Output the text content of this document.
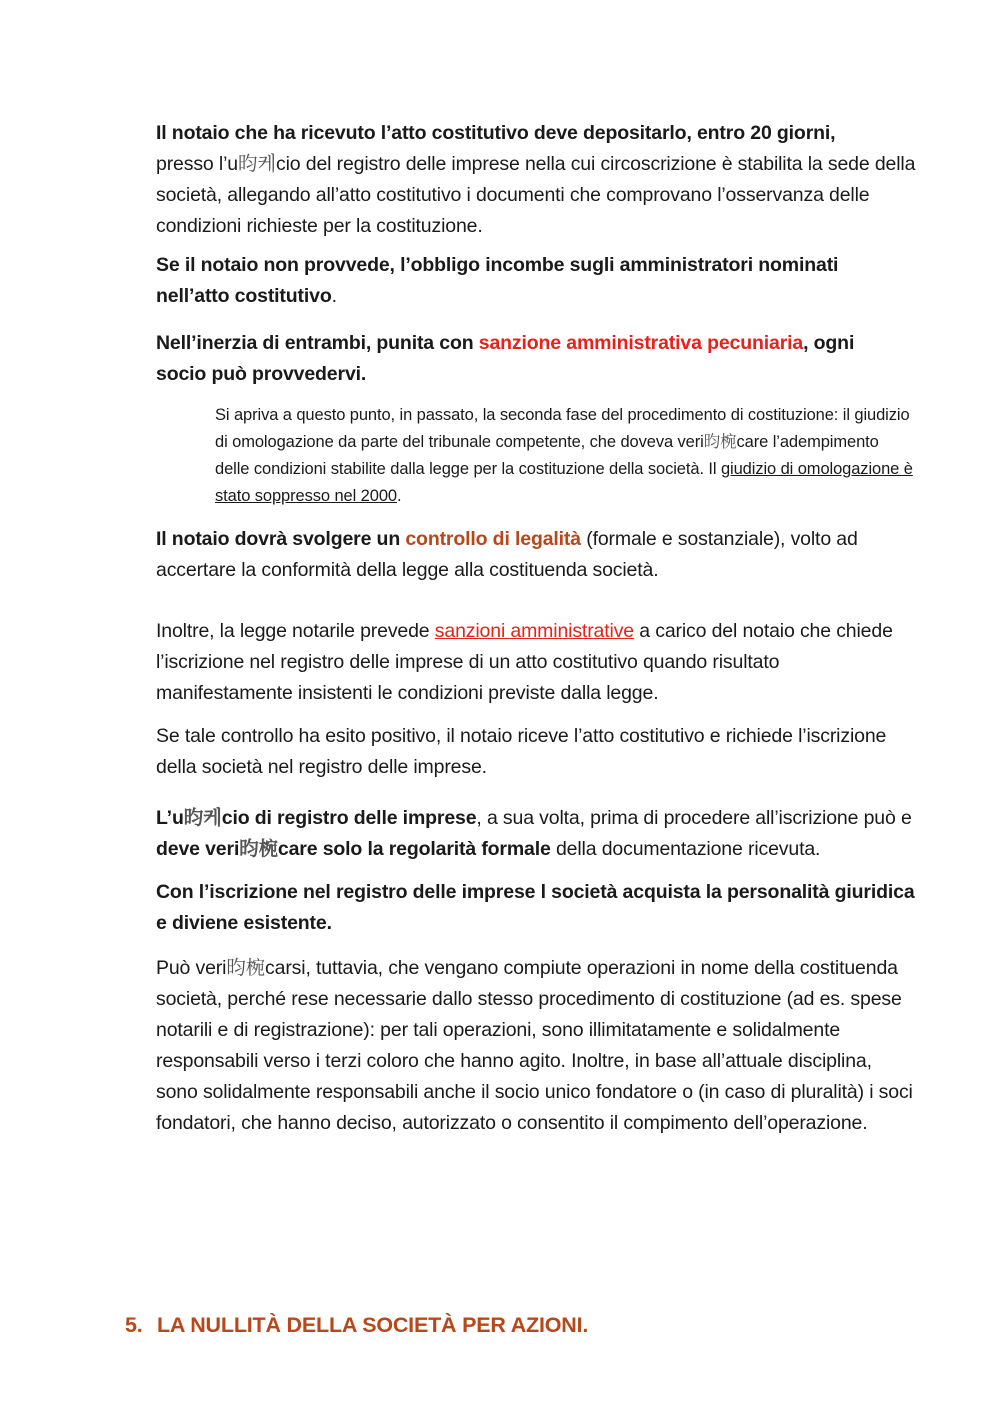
Il notaio che ha ricevuto l’atto costitutivo deve depositarlo, entro 20 giorni,
presso l’u昀케cio del registro delle imprese nella cui circoscrizione è stabilita la sede della società, allegando all’atto costitutivo i documenti che comprovano l’osservanza delle condizioni richieste per la costituzione.

Se il notaio non provvede, l’obbligo incombe sugli amministratori nominati nell’atto costitutivo.

Nell’inerzia di entrambi, punita con sanzione amministrativa pecuniaria, ogni socio può provvedervi.

Si apriva a questo punto, in passato, la seconda fase del procedimento di costituzione: il giudizio di omologazione da parte del tribunale competente, che doveva veri昀椀care l’adempimento delle condizioni stabilite dalla legge per la costituzione della società. Il giudizio di omologazione è stato soppresso nel 2000.

Il notaio dovrà svolgere un controllo di legalità (formale e sostanziale), volto ad accertare la conformità della legge alla costituenda società.

Inoltre, la legge notarile prevede sanzioni amministrative a carico del notaio che chiede l’iscrizione nel registro delle imprese di un atto costitutivo quando risultato manifestamente insistenti le condizioni previste dalla legge.

Se tale controllo ha esito positivo, il notaio riceve l’atto costitutivo e richiede l’iscrizione della società nel registro delle imprese.

L’u昀케cio di registro delle imprese, a sua volta, prima di procedere all’iscrizione può e deve veri昀椀care solo la regolarità formale della documentazione ricevuta.

Con l’iscrizione nel registro delle imprese l società acquista la personalità giuridica e diviene esistente.

Può veri昀椀carsi, tuttavia, che vengano compiute operazioni in nome della costituenda società, perché rese necessarie dallo stesso procedimento di costituzione (ad es. spese notarili e di registrazione): per tali operazioni, sono illimitatamente e solidalmente responsabili verso i terzi coloro che hanno agito. Inoltre, in base all’attuale disciplina, sono solidalmente responsabili anche il socio unico fondatore o (in caso di pluralità) i soci fondatori, che hanno deciso, autorizzato o consentito il compimento dell’operazione.

5. LA NULLITÀ DELLA SOCIETÀ PER AZIONI.
